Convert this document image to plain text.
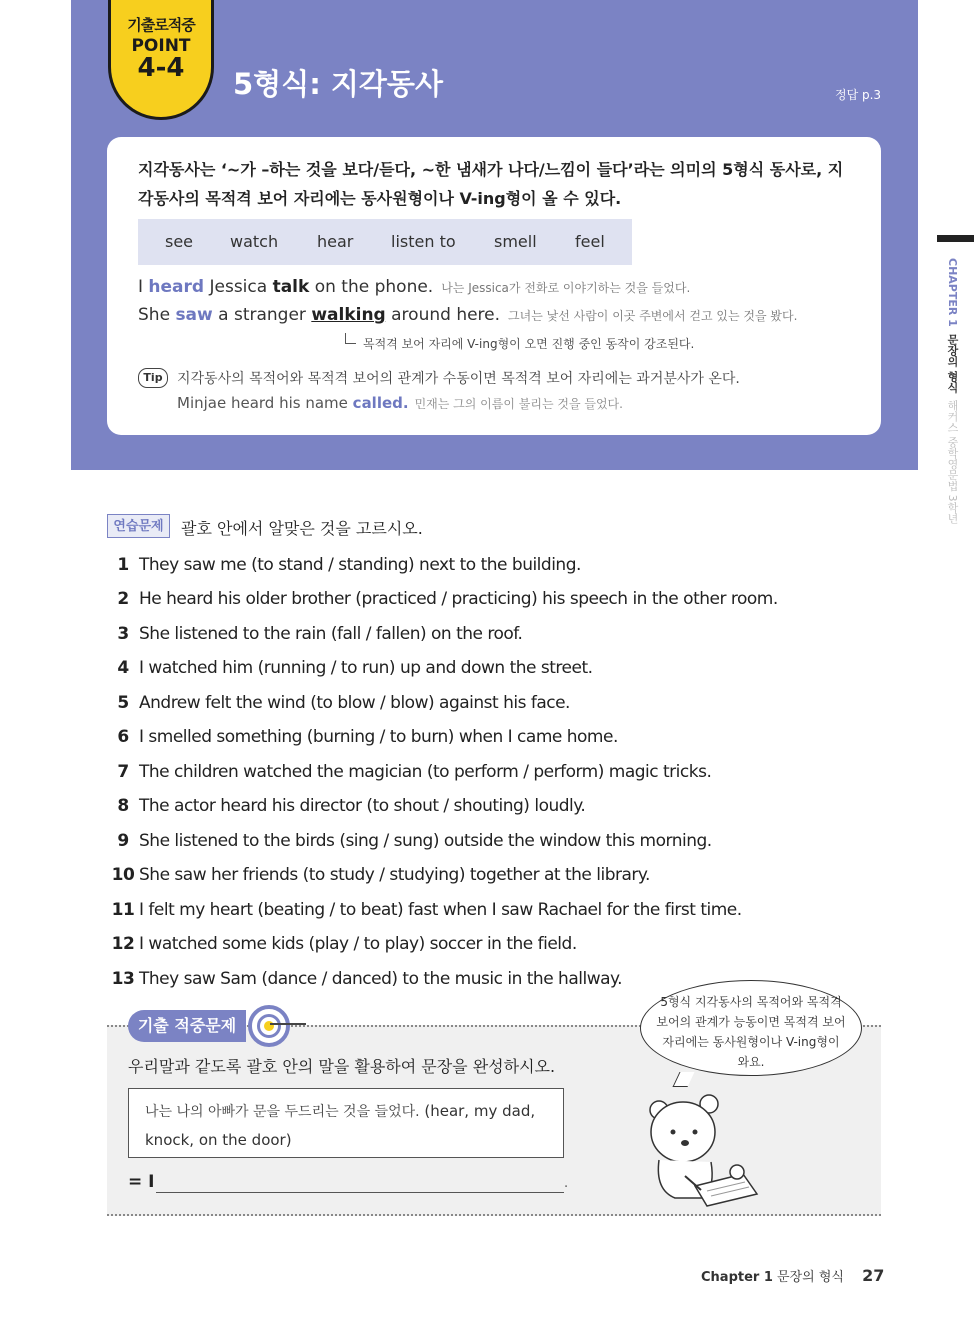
기출로적중
POINT
4-4	5형식: 지각동사	정답 p.3
지각동사는 ‘~가 –하는 것을 보다/듣다, ~한 냄새가 나다/느낌이 들다’라는 의미의 5형식 동사로, 지각동사의 목적격 보어 자리에는 동사원형이나 V-ing형이 올 수 있다.
see watch hear listen to smell feel
I heard Jessica talk on the phone. 나는 Jessica가 전화로 이야기하는 것을 들었다.
She saw a stranger walking around here. 그녀는 낯선 사람이 이곳 주변에서 걷고 있는 것을 봤다.
목적격 보어 자리에 V-ing형이 오면 진행 중인 동작이 강조된다.
Tip	지각동사의 목적어와 목적격 보어의 관계가 수동이면 목적격 보어 자리에는 과거분사가 온다.
Minjae heard his name called. 민재는 그의 이름이 불리는 것을 들었다.
CHAPTER 1  문장의 형식  해커스 중학영문법 3학년
연습문제	괄호 안에서 알맞은 것을 고르시오.
1 They saw me (to stand / standing) next to the building.
2 He heard his older brother (practiced / practicing) his speech in the other room.
3 She listened to the rain (fall / fallen) on the roof.
4 I watched him (running / to run) up and down the street.
5 Andrew felt the wind (to blow / blow) against his face.
6 I smelled something (burning / to burn) when I came home.
7 The children watched the magician (to perform / perform) magic tricks.
8 The actor heard his director (to shout / shouting) loudly.
9 She listened to the birds (sing / sung) outside the window this morning.
10 She saw her friends (to study / studying) together at the library.
11 I felt my heart (beating / to beat) fast when I saw Rachael for the first time.
12 I watched some kids (play / to play) soccer in the field.
13 They saw Sam (dance / danced) to the music in the hallway.
기출 적중문제
우리말과 같도록 괄호 안의 말을 활용하여 문장을 완성하시오.
나는 나의 아빠가 문을 두드리는 것을 들었다. (hear, my dad, knock, on the door)
= I	.
5형식 지각동사의 목적어와 목적격 보어의 관계가 능동이면 목적격 보어 자리에는 동사원형이나 V-ing형이 와요.
Chapter 1 문장의 형식 27
